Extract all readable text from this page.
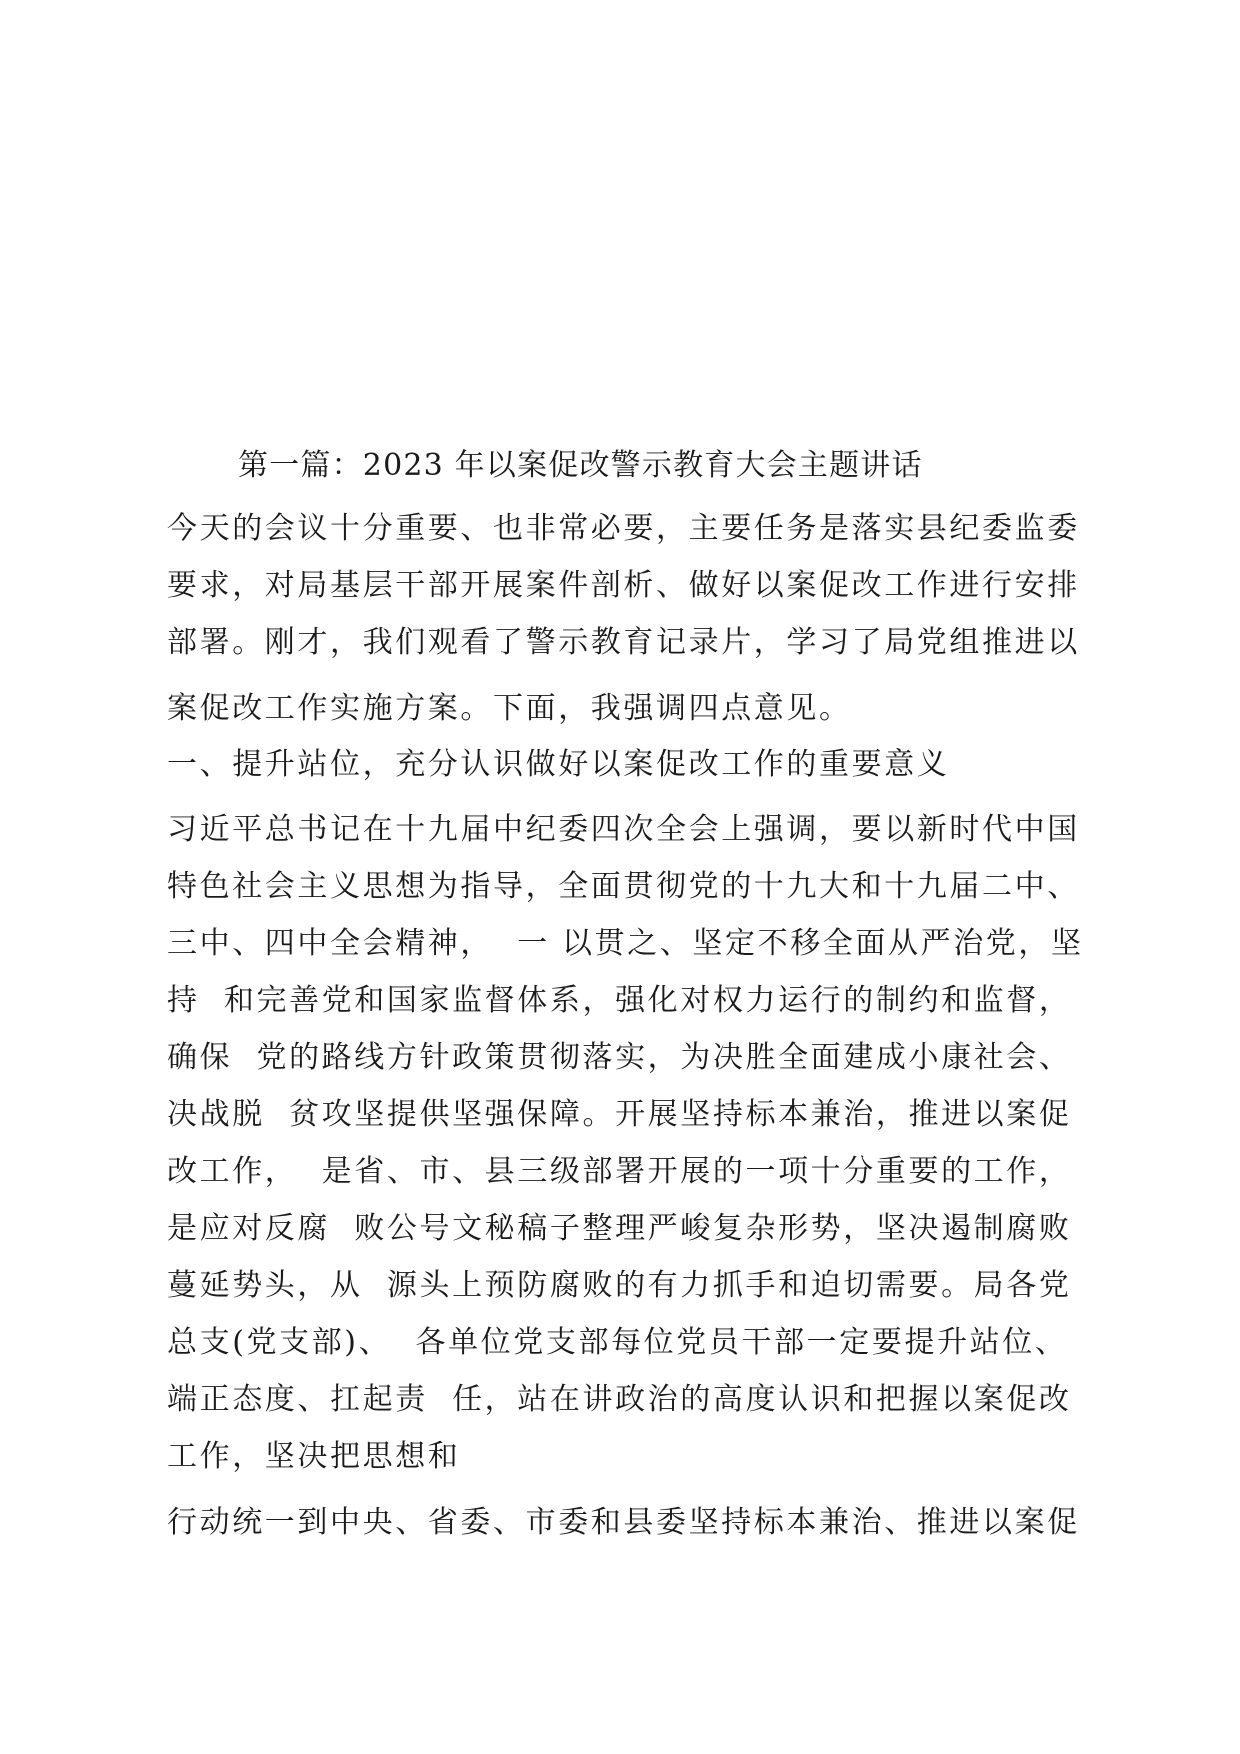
第一篇：2023 年以案促改警示教育大会主题讲话

今天的会议十分重要、也非常必要，主要任务是落实县纪委监委

要求，对局基层干部开展案件剖析、做好以案促改工作进行安排

部署。刚才，我们观看了警示教育记录片，学习了局党组推进以

案促改工作实施方案。下面，我强调四点意见。

一、提升站位，充分认识做好以案促改工作的重要意义

习近平总书记在十九届中纪委四次全会上强调，要以新时代中国

特色社会主义思想为指导，全面贯彻党的十九大和十九届二中、

三中、四中全会精神，  一 以贯之、坚定不移全面从严治党，坚

持  和完善党和国家监督体系，强化对权力运行的制约和监督，

确保  党的路线方针政策贯彻落实，为决胜全面建成小康社会、

决战脱  贫攻坚提供坚强保障。开展坚持标本兼治，推进以案促

改工作，  是省、市、县三级部署开展的一项十分重要的工作，

是应对反腐  败公号文秘稿子整理严峻复杂形势，坚决遏制腐败

蔓延势头，从  源头上预防腐败的有力抓手和迫切需要。局各党

总支(党支部)、  各单位党支部每位党员干部一定要提升站位、

端正态度、扛起责  任，站在讲政治的高度认识和把握以案促改

工作，坚决把思想和

行动统一到中央、省委、市委和县委坚持标本兼治、推进以案促
